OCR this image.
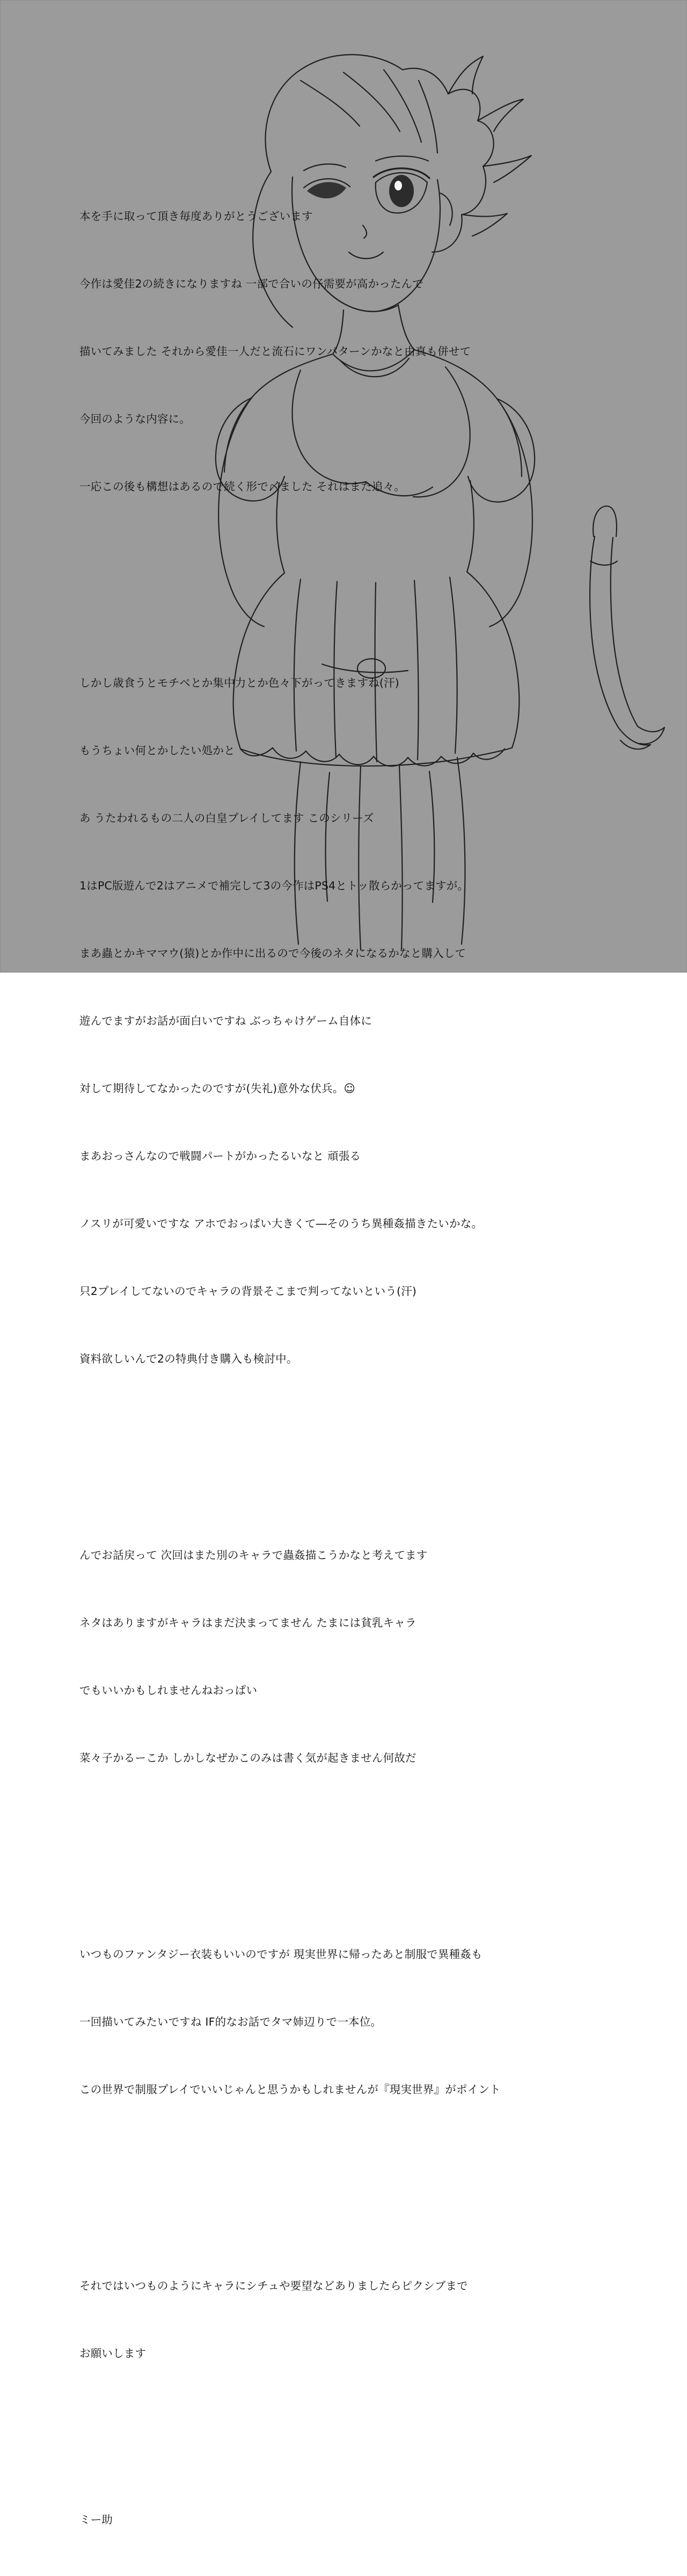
本を手に取って頂き毎度ありがとうございます

今作は愛佳2の続きになりますね 一部で合いの仔需要が高かったんで

描いてみました それから愛佳一人だと流石にワンパターンかなと由真も併せて

今回のような内容に。

一応この後も構想はあるので続く形で〆ました それはまた追々。

しかし歳食うとモチベとか集中力とか色々下がってきますね(汗)

もうちょい何とかしたい処かと

あ うたわれるもの二人の白皇プレイしてます このシリーズ

1はPC版遊んで2はアニメで補完して3の今作はPS4とトッ散らかってますが。

まあ蟲とかキママウ(猿)とか作中に出るので今後のネタになるかなと購入して

遊んでますがお話が面白いですね ぶっちゃけゲーム自体に

対して期待してなかったのですが(失礼)意外な伏兵。☺

まあおっさんなので戦闘パートがかったるいなと 頑張る

ノスリが可愛いですな アホでおっぱい大きくて―そのうち異種姦描きたいかな。

只2プレイしてないのでキャラの背景そこまで判ってないという(汗)

資料欲しいんで2の特典付き購入も検討中。

んでお話戻って 次回はまた別のキャラで蟲姦描こうかなと考えてます

ネタはありますがキャラはまだ決まってません たまには貧乳キャラ

でもいいかもしれませんねおっぱい

菜々子かるーこか しかしなぜかこのみは書く気が起きません何故だ

いつものファンタジー衣装もいいのですが 現実世界に帰ったあと制服で異種姦も

一回描いてみたいですね IF的なお話でタマ姉辺りで一本位。

この世界で制服プレイでいいじゃんと思うかもしれませんが『現実世界』がポイント

それではいつものようにキャラにシチュや要望などありましたらピクシブまで

お願いします

ミー助
